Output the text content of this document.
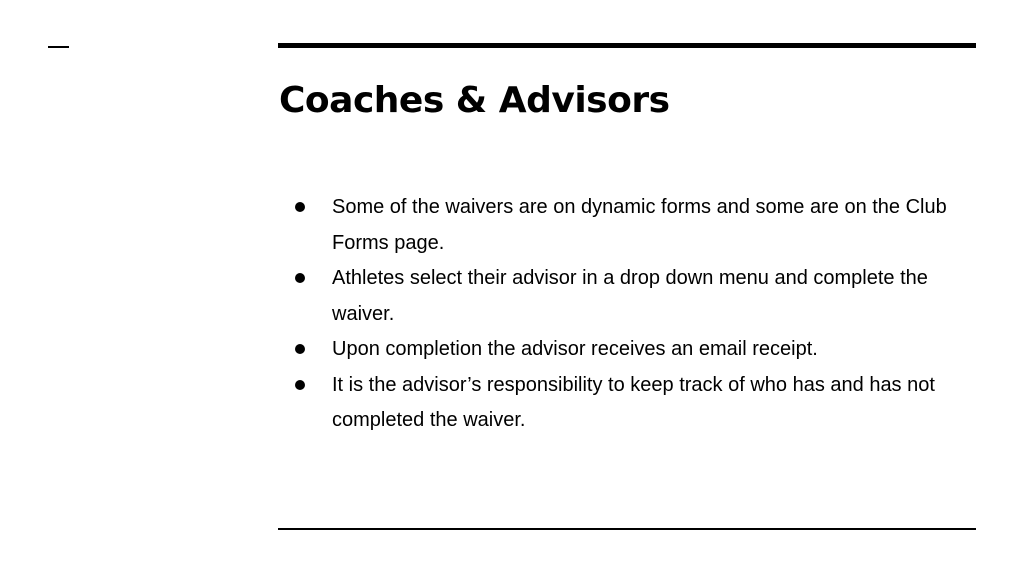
Coaches & Advisors
Some of the waivers are on dynamic forms and some are on the Club Forms page.
Athletes select their advisor in a drop down menu and complete the waiver.
Upon completion the advisor receives an email receipt.
It is the advisor’s responsibility to keep track of who has and has not completed the waiver.
